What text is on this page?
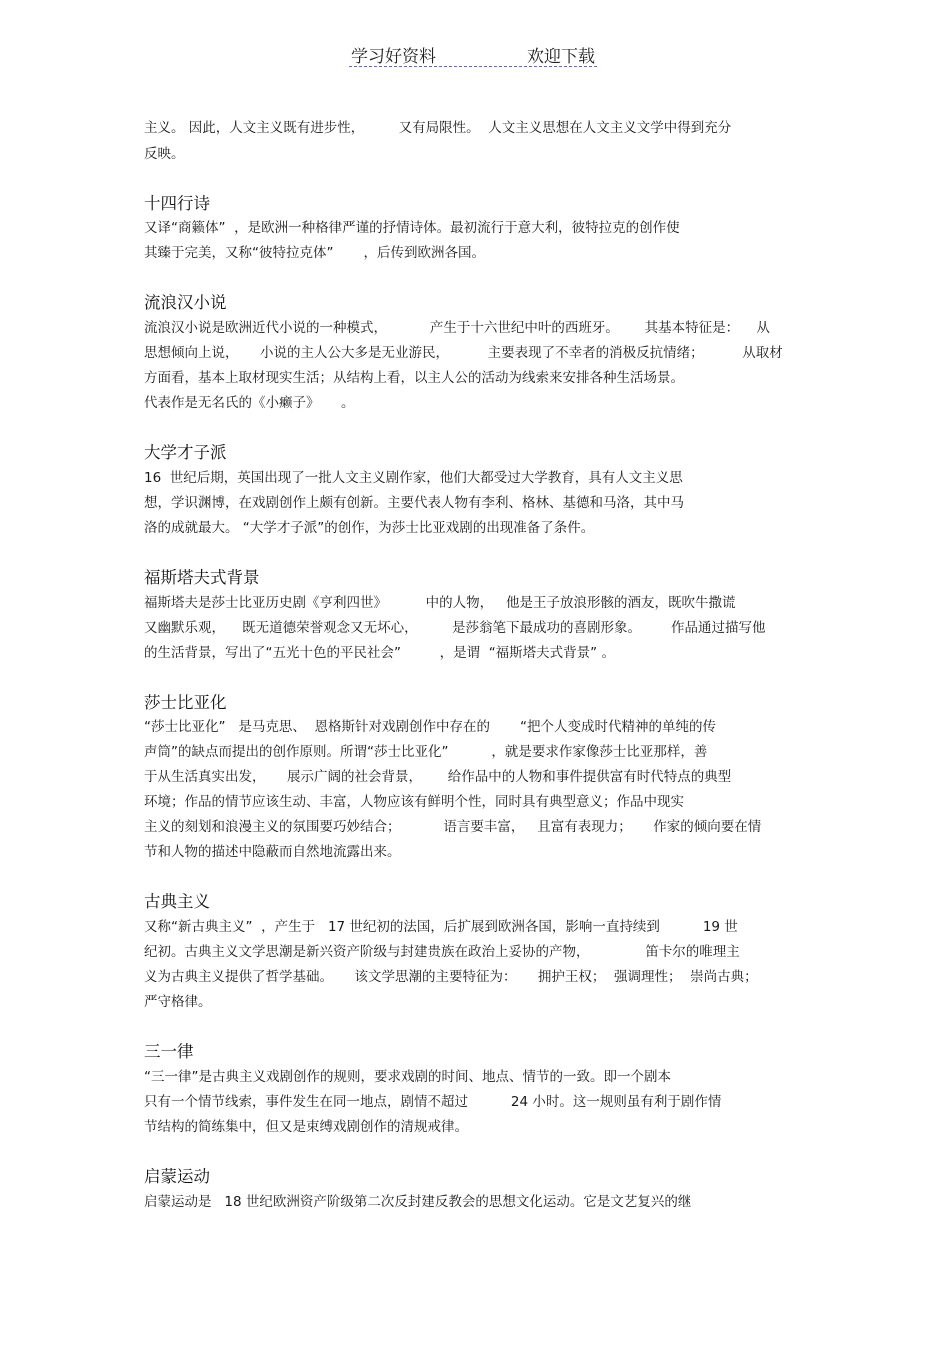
学习好资料	欢迎下载
主义。 因此，人文主义既有进步性，        又有局限性。  人文主义思想在人文主义文学中得到充分
反映。
十四行诗
又译“商籁体”  ，是欧洲一种格律严谨的抒情诗体。最初流行于意大利，彼特拉克的创作使
其臻于完美，又称“彼特拉克体”       ，后传到欧洲各国。
流浪汉小说
流浪汉小说是欧洲近代小说的一种模式，          产生于十六世纪中叶的西班牙。      其基本特征是：    从
思想倾向上说，     小说的主人公大多是无业游民，         主要表现了不幸者的消极反抗情绪；         从取材
方面看，基本上取材现实生活；从结构上看，以主人公的活动为线索来安排各种生活场景。
代表作是无名氏的《小癞子》     。
大学才子派
16  世纪后期，英国出现了一批人文主义剧作家，他们大都受过大学教育，具有人文主义思
想，学识渊博，在戏剧创作上颇有创新。主要代表人物有李利、格林、基德和马洛，其中马
洛的成就最大。 “大学才子派”的创作，为莎士比亚戏剧的出现准备了条件。
福斯塔夫式背景
福斯塔夫是莎士比亚历史剧《亨利四世》         中的人物，   他是王子放浪形骸的酒友，既吹牛撒谎
又幽默乐观，    既无道德荣誉观念又无坏心，        是莎翁笔下最成功的喜剧形象。       作品通过描写他
的生活背景，写出了“五光十色的平民社会”         ，是谓  “福斯塔夫式背景” 。
莎士比亚化
“莎士比亚化”   是马克思、  恩格斯针对戏剧创作中存在的       “把个人变成时代精神的单纯的传
声筒”的缺点而提出的创作原则。所谓“莎士比亚化”          ，就是要求作家像莎士比亚那样，善
于从生活真实出发，     展示广阔的社会背景，      给作品中的人物和事件提供富有时代特点的典型
环境；作品的情节应该生动、丰富，人物应该有鲜明个性，同时具有典型意义；作品中现实
主义的刻划和浪漫主义的氛围要巧妙结合；          语言要丰富，   且富有表现力；     作家的倾向要在情
节和人物的描述中隐蔽而自然地流露出来。
古典主义
又称“新古典主义”  ，产生于   17 世纪初的法国，后扩展到欧洲各国，影响一直持续到          19 世
纪初。古典主义文学思潮是新兴资产阶级与封建贵族在政治上妥协的产物，             笛卡尔的唯理主
义为古典主义提供了哲学基础。     该文学思潮的主要特征为：     拥护王权；  强调理性；  崇尚古典；
严守格律。
三一律
“三一律”是古典主义戏剧创作的规则，要求戏剧的时间、地点、情节的一致。即一个剧本
只有一个情节线索，事件发生在同一地点，剧情不超过          24 小时。这一规则虽有利于剧作情
节结构的简练集中，但又是束缚戏剧创作的清规戒律。
启蒙运动
启蒙运动是   18 世纪欧洲资产阶级第二次反封建反教会的思想文化运动。它是文艺复兴的继
